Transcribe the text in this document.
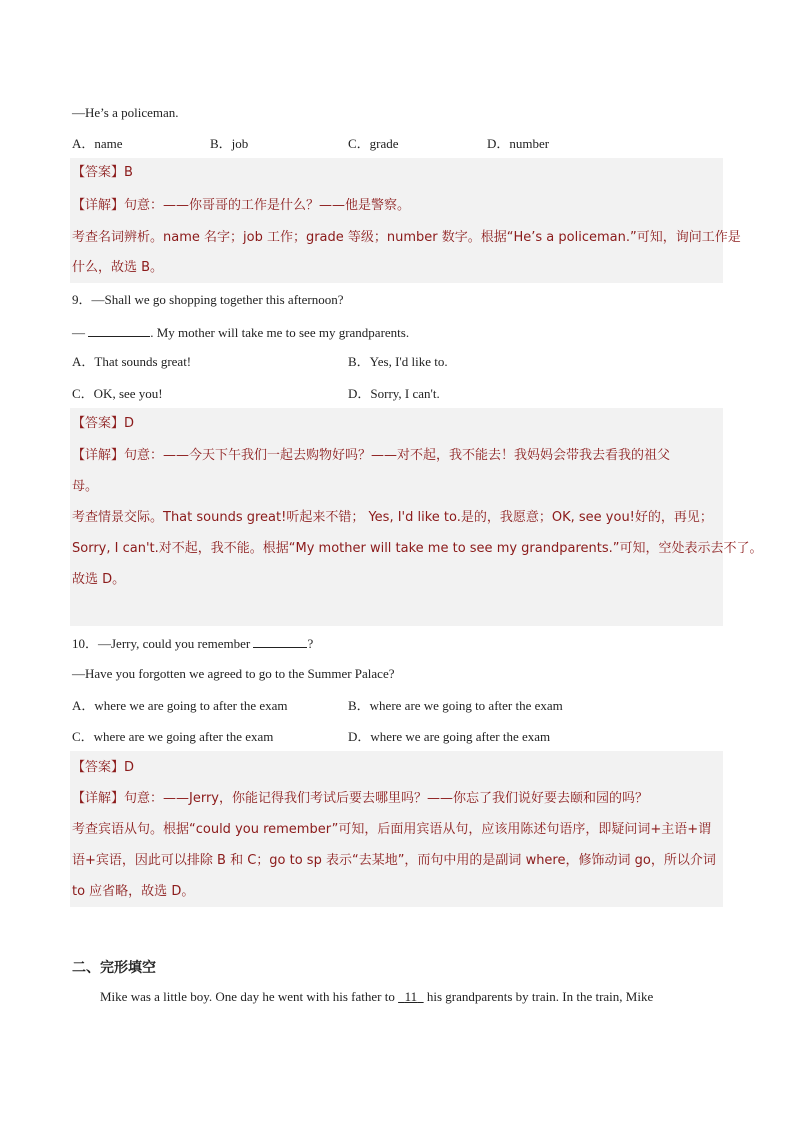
—He’s a policeman.
A．name	B．job	C．grade	D．number
【答案】B
【详解】句意：——你哥哥的工作是什么？——他是警察。
考查名词辨析。name 名字；job 工作；grade 等级；number 数字。根据“He’s a policeman.”可知，询问工作是
什么，故选 B。
9．—Shall we go shopping together this afternoon?
—	. My mother will take me to see my grandparents.
A．That sounds great!	B．Yes, I'd like to.
C．OK, see you!	D．Sorry, I can't.
【答案】D
【详解】句意：——今天下午我们一起去购物好吗？——对不起，我不能去！我妈妈会带我去看我的祖父
母。
考查情景交际。That sounds great!听起来不错； Yes, I'd like to.是的，我愿意；OK, see you!好的，再见；
Sorry, I can't.对不起，我不能。根据“My mother will take me to see my grandparents.”可知，空处表示去不了。
故选 D。
10．—Jerry, could you remember	?
—Have you forgotten we agreed to go to the Summer Palace?
A．where we are going to after the exam	B．where are we going to after the exam
C．where are we going after the exam	D．where we are going after the exam
【答案】D
【详解】句意：——Jerry，你能记得我们考试后要去哪里吗？——你忘了我们说好要去颐和园的吗？
考查宾语从句。根据“could you remember”可知，后面用宾语从句，应该用陈述句语序，即疑问词+主语+谓
语+宾语，因此可以排除 B 和 C；go to sp 表示“去某地”，而句中用的是副词 where，修饰动词 go，所以介词
to 应省略，故选 D。
二、完形填空
Mike was a little boy. One day he went with his father to 11 his grandparents by train. In the train, Mike
